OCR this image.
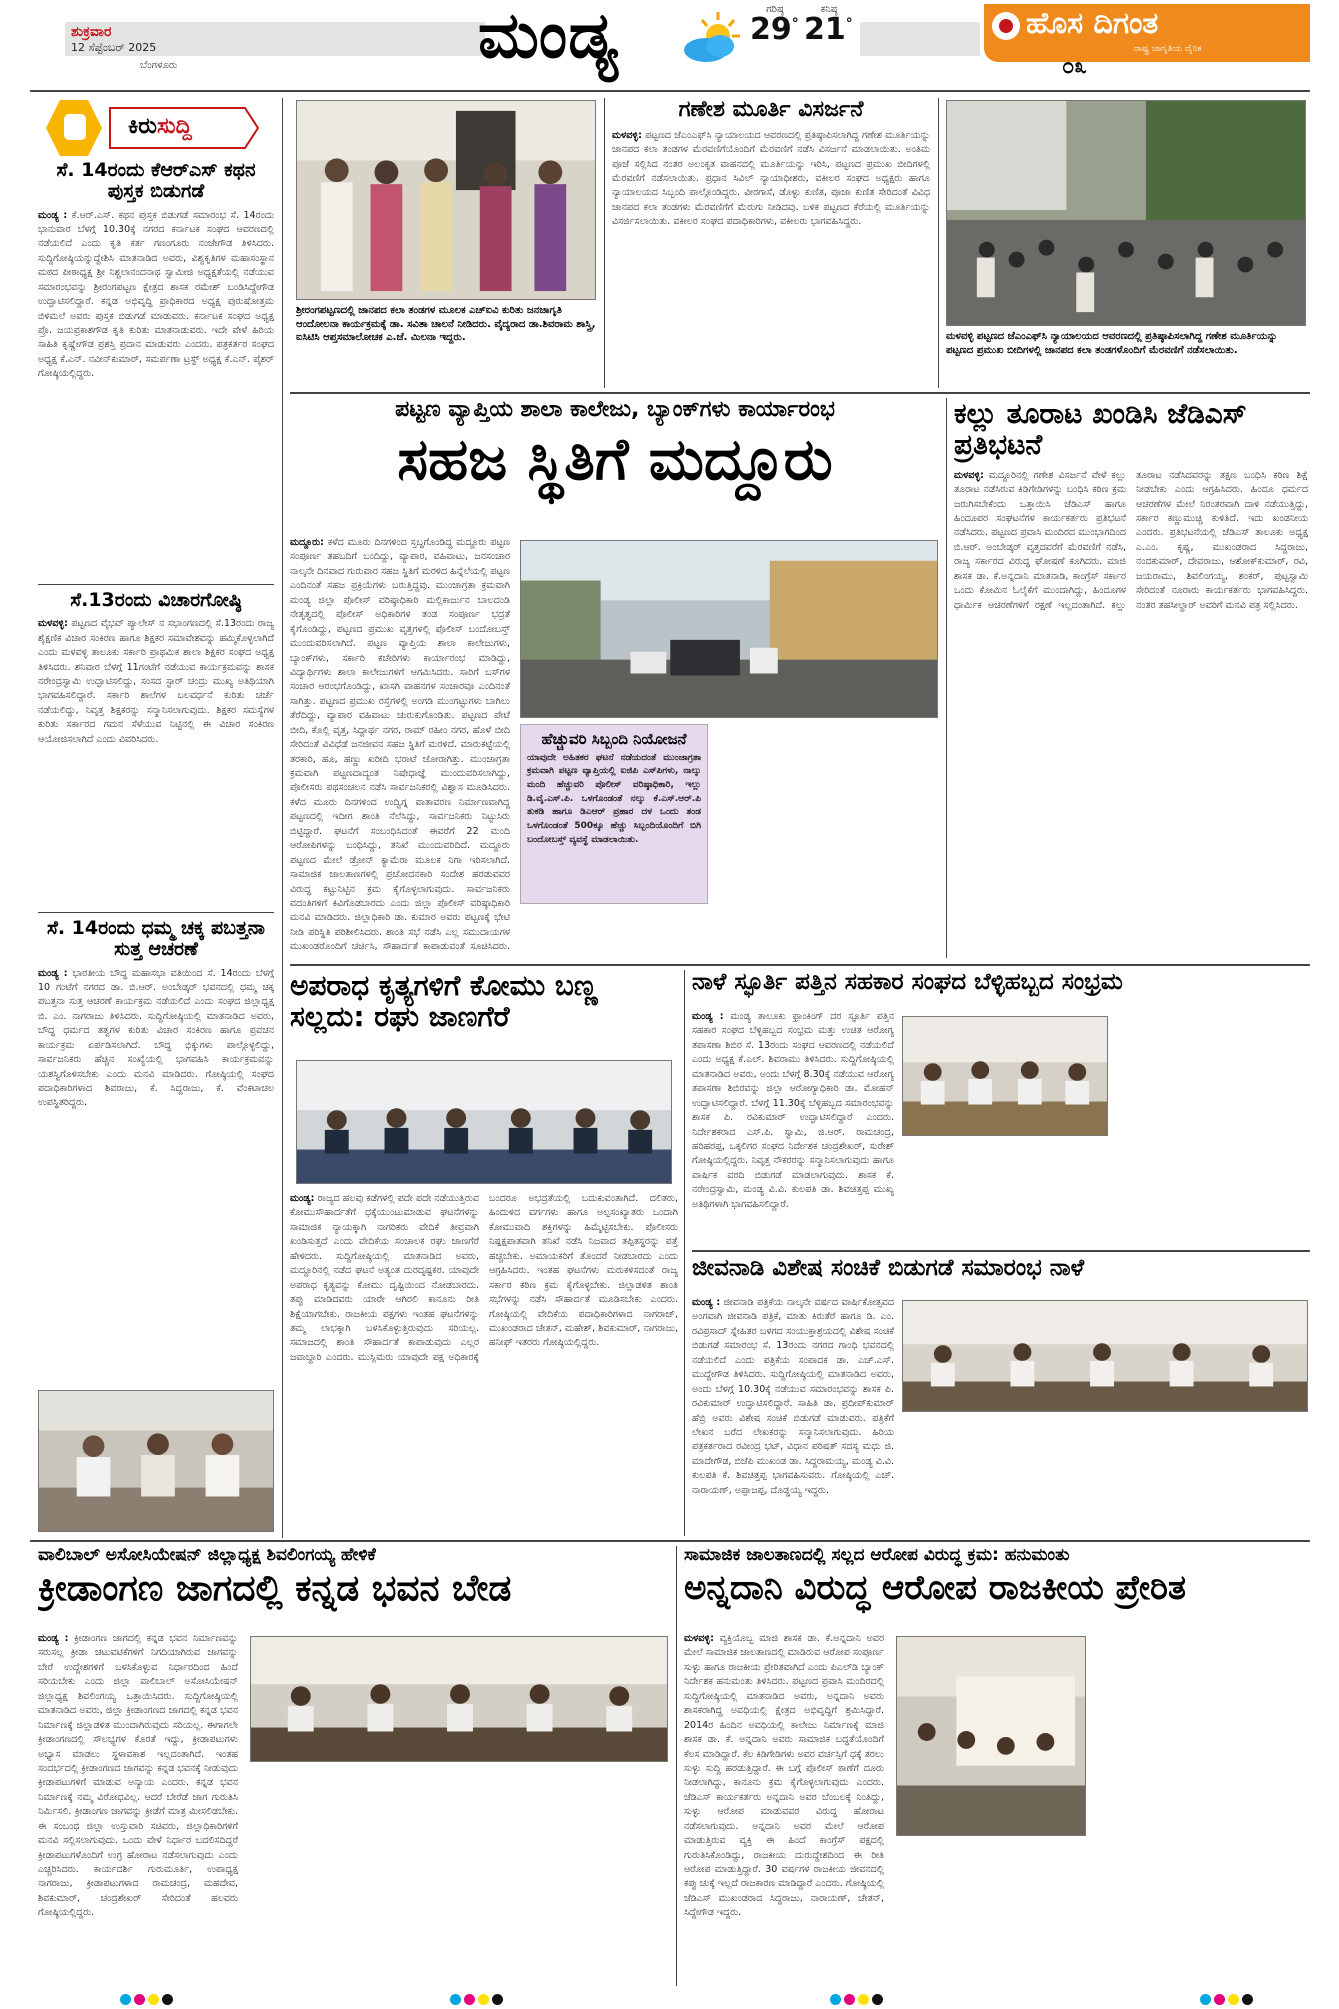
ಶುಕ್ರವಾರ
12 ಸೆಪ್ಟೆಂಬರ್ 2025
ಬೆಂಗಳೂರು	ಮಂಡ್ಯ	ಗರಿಷ್ಠ
29°
ಕನಿಷ್ಠ
21°	ಹೊಸ ದಿಗಂತ
ರಾಷ್ಟ್ರ ಜಾಗೃತಿಯ ದೈನಿಕ
೦೩
ಕಿರುಸುದ್ದಿ
ಸೆ. 14ರಂದು ಕೆಆರ್‌ಎಸ್ ಕಥನ ಪುಸ್ತಕ ಬಿಡುಗಡೆ
ಮಂಡ್ಯ : ಕೆ.ಆರ್.ಎಸ್. ಕಥನ ಪುಸ್ತಕ ಬಿಡುಗಡೆ ಸಮಾರಂಭ ಸೆ. 14ರಂದು ಭಾನುವಾರ ಬೆಳಗ್ಗೆ 10.30ಕ್ಕೆ ನಗರದ ಕರ್ನಾಟಕ ಸಂಘದ ಆವರಣದಲ್ಲಿ ನಡೆಯಲಿದೆ ಎಂದು ಕೃತಿ ಕರ್ತ ಗಣಂಗೂರು ನಂಜೇಗೌಡ ತಿಳಿಸಿದರು. ಸುದ್ದಿಗೋಷ್ಠಿಯನ್ನುದ್ದೇಶಿಸಿ ಮಾತನಾಡಿದ ಅವರು, ವಿಶ್ವಕೃತಿಗಳ ಮಹಾಸಂಸ್ಥಾನ ಮಠದ ಪೀಠಾಧ್ಯಕ್ಷ ಶ್ರೀ ನಿಶ್ಚಲಾನಂದನಾಥ ಸ್ವಾಮೀಜಿ ಅಧ್ಯಕ್ಷತೆಯಲ್ಲಿ ನಡೆಯುವ ಸಮಾರಂಭವನ್ನು ಶ್ರೀರಂಗಪಟ್ಟಣ ಕ್ಷೇತ್ರದ ಶಾಸಕ ರಮೇಶ್ ಬಂಡಿಸಿದ್ದೇಗೌಡ ಉದ್ಘಾಟಿಸಲಿದ್ದಾರೆ. ಕನ್ನಡ ಅಭಿವೃದ್ಧಿ ಪ್ರಾಧಿಕಾರದ ಅಧ್ಯಕ್ಷ ಪುರುಷೋತ್ತಮ ಬಿಳಿಮಲೆ ಅವರು ಪುಸ್ತಕ ಬಿಡುಗಡೆ ಮಾಡುವರು. ಕರ್ನಾಟಕ ಸಂಘದ ಅಧ್ಯಕ್ಷ ಪ್ರೊ. ಜಯಪ್ರಕಾಶಗೌಡ ಕೃತಿ ಕುರಿತು ಮಾತನಾಡುವರು. ಇದೇ ವೇಳೆ ಹಿರಿಯ ಸಾಹಿತಿ ಕೃಷ್ಣೇಗೌಡ ಪ್ರಶಸ್ತಿ ಪ್ರದಾನ ಮಾಡುವರು ಎಂದರು. ಪತ್ರಕರ್ತರ ಸಂಘದ ಅಧ್ಯಕ್ಷ ಕೆ.ಎನ್. ನವೀನ್‌ಕುಮಾರ್, ಸಮರ್ಪಣಾ ಟ್ರಸ್ಟ್ ಅಧ್ಯಕ್ಷ ಕೆ.ಎನ್. ಪೈಶರ್ ಗೋಷ್ಠಿಯಲ್ಲಿದ್ದರು.
ಸೆ.13ರಂದು ವಿಚಾರಗೋಷ್ಠಿ
ಮಳವಳ್ಳಿ: ಪಟ್ಟಣದ ವೈಭವ್ ಪ್ಯಾಲೇಸ್ ನ ಸಭಾಂಗಣದಲ್ಲಿ ಸೆ.13ರಂದು ರಾಜ್ಯ ಶೈಕ್ಷಣಿಕ ವಿಚಾರ ಸಂಕಿರಣ ಹಾಗೂ ಶಿಕ್ಷಕರ ಸಮಾವೇಶವನ್ನು ಹಮ್ಮಿಕೊಳ್ಳಲಾಗಿದೆ ಎಂದು ಮಳವಳ್ಳಿ ತಾಲೂಕು ಸರ್ಕಾರಿ ಪ್ರಾಥಮಿಕ ಶಾಲಾ ಶಿಕ್ಷಕರ ಸಂಘದ ಅಧ್ಯಕ್ಷ ತಿಳಿಸಿದರು. ಶನಿವಾರ ಬೆಳಗ್ಗೆ 11ಗಂಟೆಗೆ ನಡೆಯುವ ಕಾರ್ಯಕ್ರಮವನ್ನು ಶಾಸಕ ನರೇಂದ್ರಸ್ವಾಮಿ ಉದ್ಘಾಟಿಸಲಿದ್ದು, ಸಂಸದ ಸ್ಟಾರ್ ಚಂದ್ರು ಮುಖ್ಯ ಅತಿಥಿಯಾಗಿ ಭಾಗವಹಿಸಲಿದ್ದಾರೆ. ಸರ್ಕಾರಿ ಶಾಲೆಗಳ ಬಲವರ್ಧನೆ ಕುರಿತು ಚರ್ಚೆ ನಡೆಯಲಿದ್ದು, ನಿವೃತ್ತ ಶಿಕ್ಷಕರನ್ನು ಸನ್ಮಾನಿಸಲಾಗುವುದು. ಶಿಕ್ಷಕರ ಸಮಸ್ಯೆಗಳ ಕುರಿತು ಸರ್ಕಾರದ ಗಮನ ಸೆಳೆಯುವ ನಿಟ್ಟಿನಲ್ಲಿ ಈ ವಿಚಾರ ಸಂಕಿರಣ ಆಯೋಜಿಸಲಾಗಿದೆ ಎಂದು ವಿವರಿಸಿದರು.
ಸೆ. 14ರಂದು ಧಮ್ಮ ಚಕ್ಕ ಪಬತ್ತನಾ ಸುತ್ತ ಆಚರಣೆ
ಮಂಡ್ಯ : ಭಾರತೀಯ ಬೌದ್ಧ ಮಹಾಸಭಾ ವತಿಯಿಂದ ಸೆ. 14ರಂದು ಬೆಳಗ್ಗೆ 10 ಗಂಟೆಗೆ ನಗರದ ಡಾ. ಬಿ.ಆರ್. ಅಂಬೇಡ್ಕರ್ ಭವನದಲ್ಲಿ ಧಮ್ಮ ಚಕ್ಕ ಪಬತ್ತನಾ ಸುತ್ತ ಆಚರಣೆ ಕಾರ್ಯಕ್ರಮ ನಡೆಯಲಿದೆ ಎಂದು ಸಂಘದ ಜಿಲ್ಲಾಧ್ಯಕ್ಷ ಬಿ. ಎಂ. ನಾಗರಾಜು ತಿಳಿಸಿದರು. ಸುದ್ದಿಗೋಷ್ಠಿಯಲ್ಲಿ ಮಾತನಾಡಿದ ಅವರು, ಬೌದ್ಧ ಧರ್ಮದ ತತ್ವಗಳ ಕುರಿತು ವಿಚಾರ ಸಂಕಿರಣ ಹಾಗೂ ಪ್ರವಚನ ಕಾರ್ಯಕ್ರಮ ಏರ್ಪಡಿಸಲಾಗಿದೆ. ಬೌದ್ಧ ಭಿಕ್ಕುಗಳು ಪಾಲ್ಗೊಳ್ಳಲಿದ್ದು, ಸಾರ್ವಜನಿಕರು ಹೆಚ್ಚಿನ ಸಂಖ್ಯೆಯಲ್ಲಿ ಭಾಗವಹಿಸಿ ಕಾರ್ಯಕ್ರಮವನ್ನು ಯಶಸ್ವಿಗೊಳಿಸಬೇಕು ಎಂದು ಮನವಿ ಮಾಡಿದರು. ಗೋಷ್ಠಿಯಲ್ಲಿ ಸಂಘದ ಪದಾಧಿಕಾರಿಗಳಾದ ಶಿವರಾಜು, ಕೆ. ಸಿದ್ದರಾಜು, ಕೆ. ವೆಂಕಟಾಚಲ ಉಪಸ್ಥಿತರಿದ್ದರು.
ಶ್ರೀರಂಗಪಟ್ಟಣದಲ್ಲಿ ಜಾನಪದ ಕಲಾ ತಂಡಗಳ ಮೂಲಕ ಎಚ್‌ಐವಿ ಕುರಿತು ಜನಜಾಗೃತಿ ಆಂದೋಲನಾ ಕಾರ್ಯಕ್ರಮಕ್ಕೆ ಡಾ. ಸವಿತಾ ಚಾಲನೆ ನೀಡಿದರು. ವೈದ್ಯರಾದ ಡಾ.ಶಿವರಾಮ ಶಾಸ್ತ್ರಿ, ಐಸಿಟಿಸಿ ಆಪ್ತಸಮಾಲೋಚಕ ಎ.ಜೆ. ಮಿಲನಾ ಇದ್ದರು.
ಗಣೇಶ ಮೂರ್ತಿ ವಿಸರ್ಜನೆ
ಮಳವಳ್ಳಿ: ಪಟ್ಟಣದ ಜೆಎಂಎಫ್‌ಸಿ ನ್ಯಾಯಾಲಯದ ಆವರಣದಲ್ಲಿ ಪ್ರತಿಷ್ಠಾಪಿಸಲಾಗಿದ್ದ ಗಣೇಶ ಮೂರ್ತಿಯನ್ನು ಜಾನಪದ ಕಲಾ ತಂಡಗಳ ಮೆರವಣಿಗೆಯೊಂದಿಗೆ ಮೆರವಣಿಗೆ ನಡೆಸಿ ವಿಸರ್ಜನೆ ಮಾಡಲಾಯಿತು. ಅಂತಿಮ ಪೂಜೆ ಸಲ್ಲಿಸಿದ ನಂತರ ಅಲಂಕೃತ ವಾಹನದಲ್ಲಿ ಮೂರ್ತಿಯನ್ನು ಇರಿಸಿ, ಪಟ್ಟಣದ ಪ್ರಮುಖ ಬೀದಿಗಳಲ್ಲಿ ಮೆರವಣಿಗೆ ನಡೆಸಲಾಯಿತು. ಪ್ರಧಾನ ಸಿವಿಲ್ ನ್ಯಾಯಾಧೀಶರು, ವಕೀಲರ ಸಂಘದ ಅಧ್ಯಕ್ಷರು ಹಾಗೂ ನ್ಯಾಯಾಲಯದ ಸಿಬ್ಬಂದಿ ಪಾಲ್ಗೊಂಡಿದ್ದರು. ವೀರಗಾಸೆ, ಡೊಳ್ಳು ಕುಣಿತ, ಪೂಜಾ ಕುಣಿತ ಸೇರಿದಂತೆ ವಿವಿಧ ಜಾನಪದ ಕಲಾ ತಂಡಗಳು ಮೆರವಣಿಗೆಗೆ ಮೆರುಗು ನೀಡಿದವು. ಬಳಿಕ ಪಟ್ಟಣದ ಕೆರೆಯಲ್ಲಿ ಮೂರ್ತಿಯನ್ನು ವಿಸರ್ಜಿಸಲಾಯಿತು. ವಕೀಲರ ಸಂಘದ ಪದಾಧಿಕಾರಿಗಳು, ವಕೀಲರು ಭಾಗವಹಿಸಿದ್ದರು.
ಮಳವಳ್ಳಿ ಪಟ್ಟಣದ ಜೆಎಂಎಫ್‌ಸಿ ನ್ಯಾಯಾಲಯದ ಆವರಣದಲ್ಲಿ ಪ್ರತಿಷ್ಠಾಪಿಸಲಾಗಿದ್ದ ಗಣೇಶ ಮೂರ್ತಿಯನ್ನು ಪಟ್ಟಣದ ಪ್ರಮುಖ ಬೀದಿಗಳಲ್ಲಿ ಜಾನಪದ ಕಲಾ ತಂಡಗಳೊಂದಿಗೆ ಮೆರವಣಿಗೆ ನಡೆಸಲಾಯಿತು.
ಪಟ್ಟಣ ವ್ಯಾಪ್ತಿಯ ಶಾಲಾ ಕಾಲೇಜು, ಬ್ಯಾಂಕ್‌ಗಳು ಕಾರ್ಯಾರಂಭ
ಸಹಜ ಸ್ಥಿತಿಗೆ ಮದ್ದೂರು
ಮದ್ದೂರು: ಕಳೆದ ಮೂರು ದಿನಗಳಿಂದ ಸ್ತಬ್ಧಗೊಂಡಿದ್ದ ಮದ್ದೂರು ಪಟ್ಟಣ ಸಂಪೂರ್ಣ ತಹಬದಿಗೆ ಬಂದಿದ್ದು, ವ್ಯಾಪಾರ, ವಹಿವಾಟು, ಜನಸಂಚಾರ ನಾಲ್ಕನೇ ದಿನವಾದ ಗುರುವಾರ ಸಹಜ ಸ್ಥಿತಿಗೆ ಮರಳಿದ ಹಿನ್ನೆಲೆಯಲ್ಲಿ ಪಟ್ಟಣ ಎಂದಿನಂತೆ ಸಹಜ ಪ್ರಕ್ರಿಯೆಗಳು ಬರುತ್ತಿದ್ದವು. ಮುಂಜಾಗ್ರತಾ ಕ್ರಮವಾಗಿ ಮಂಡ್ಯ ಜಿಲ್ಲಾ ಪೊಲೀಸ್ ವರಿಷ್ಠಾಧಿಕಾರಿ ಮಲ್ಲಿಕಾರ್ಜುನ ಬಾಲದಂಡಿ ನೇತೃತ್ವದಲ್ಲಿ ಪೊಲೀಸ್ ಅಧಿಕಾರಿಗಳ ತಂಡ ಸಂಪೂರ್ಣ ಭದ್ರತೆ ಕೈಗೊಂಡಿದ್ದು, ಪಟ್ಟಣದ ಪ್ರಮುಖ ವೃತ್ತಗಳಲ್ಲಿ ಪೊಲೀಸ್ ಬಂದೋಬಸ್ತ್ ಮುಂದುವರಿಸಲಾಗಿದೆ. ಪಟ್ಟಣ ವ್ಯಾಪ್ತಿಯ ಶಾಲಾ ಕಾಲೇಜುಗಳು, ಬ್ಯಾಂಕ್‌ಗಳು, ಸರ್ಕಾರಿ ಕಚೇರಿಗಳು ಕಾರ್ಯಾರಂಭ ಮಾಡಿದ್ದು, ವಿದ್ಯಾರ್ಥಿಗಳು ಶಾಲಾ ಕಾಲೇಜುಗಳಿಗೆ ಆಗಮಿಸಿದರು. ಸಾರಿಗೆ ಬಸ್‌ಗಳ ಸಂಚಾರ ಆರಂಭಗೊಂಡಿದ್ದು, ಖಾಸಗಿ ವಾಹನಗಳ ಸಂಚಾರವೂ ಎಂದಿನಂತೆ ಸಾಗಿತ್ತು. ಪಟ್ಟಣದ ಪ್ರಮುಖ ರಸ್ತೆಗಳಲ್ಲಿ ಅಂಗಡಿ ಮುಂಗಟ್ಟುಗಳು ಬಾಗಿಲು ತೆರೆದಿದ್ದು, ವ್ಯಾಪಾರ ವಹಿವಾಟು ಚುರುಕುಗೊಂಡಿತು. ಪಟ್ಟಣದ ಪೇಟೆ ಬೀದಿ, ಕೊಲ್ಲಿ ವೃತ್ತ, ಸಿದ್ದಾರ್ಥ ನಗರ, ರಾಮ್ ರಹೀಂ ನಗರ, ಹೊಳೆ ಬೀದಿ ಸೇರಿದಂತೆ ವಿವಿಧೆಡೆ ಜನಜೀವನ ಸಹಜ ಸ್ಥಿತಿಗೆ ಮರಳಿದೆ. ಮಾರುಕಟ್ಟೆಯಲ್ಲಿ ತರಕಾರಿ, ಹೂ, ಹಣ್ಣು ಖರೀದಿ ಭರಾಟೆ ಜೋರಾಗಿತ್ತು. ಮುಂಜಾಗ್ರತಾ ಕ್ರಮವಾಗಿ ಪಟ್ಟಣದಾದ್ಯಂತ ನಿಷೇಧಾಜ್ಞೆ ಮುಂದುವರಿಸಲಾಗಿದ್ದು, ಪೊಲೀಸರು ಪಥಸಂಚಲನ ನಡೆಸಿ ಸಾರ್ವಜನಿಕರಲ್ಲಿ ವಿಶ್ವಾಸ ಮೂಡಿಸಿದರು. ಕಳೆದ ಮೂರು ದಿನಗಳಿಂದ ಉದ್ವಿಗ್ನ ವಾತಾವರಣ ನಿರ್ಮಾಣವಾಗಿದ್ದ ಪಟ್ಟಣದಲ್ಲಿ ಇದೀಗ ಶಾಂತಿ ನೆಲೆಸಿದ್ದು, ಸಾರ್ವಜನಿಕರು ನಿಟ್ಟುಸಿರು ಬಿಟ್ಟಿದ್ದಾರೆ. ಘಟನೆಗೆ ಸಂಬಂಧಿಸಿದಂತೆ ಈವರೆಗೆ 22 ಮಂದಿ ಆರೋಪಿಗಳನ್ನು ಬಂಧಿಸಿದ್ದು, ತನಿಖೆ ಮುಂದುವರಿದಿದೆ. ಮದ್ದೂರು ಪಟ್ಟಣದ ಮೇಲೆ ಡ್ರೋನ್ ಕ್ಯಾಮೆರಾ ಮೂಲಕ ನಿಗಾ ಇರಿಸಲಾಗಿದೆ. ಸಾಮಾಜಿಕ ಜಾಲತಾಣಗಳಲ್ಲಿ ಪ್ರಚೋದನಕಾರಿ ಸಂದೇಶ ಹರಡುವವರ ವಿರುದ್ಧ ಕಟ್ಟುನಿಟ್ಟಿನ ಕ್ರಮ ಕೈಗೊಳ್ಳಲಾಗುವುದು. ಸಾರ್ವಜನಿಕರು ವದಂತಿಗಳಿಗೆ ಕಿವಿಗೊಡಬಾರದು ಎಂದು ಜಿಲ್ಲಾ ಪೊಲೀಸ್ ವರಿಷ್ಠಾಧಿಕಾರಿ ಮನವಿ ಮಾಡಿದರು. ಜಿಲ್ಲಾಧಿಕಾರಿ ಡಾ. ಕುಮಾರ ಅವರು ಪಟ್ಟಣಕ್ಕೆ ಭೇಟಿ ನೀಡಿ ಪರಿಸ್ಥಿತಿ ಪರಿಶೀಲಿಸಿದರು. ಶಾಂತಿ ಸಭೆ ನಡೆಸಿ ಎಲ್ಲ ಸಮುದಾಯಗಳ ಮುಖಂಡರೊಂದಿಗೆ ಚರ್ಚಿಸಿ, ಸೌಹಾರ್ದತೆ ಕಾಪಾಡುವಂತೆ ಸೂಚಿಸಿದರು.
ಹೆಚ್ಚುವರಿ ಸಿಬ್ಬಂದಿ ನಿಯೋಜನೆ
ಯಾವುದೇ ಅಹಿತಕರ ಘಟನೆ ನಡೆಯದಂತೆ ಮುಂಜಾಗ್ರತಾ ಕ್ರಮವಾಗಿ ಪಟ್ಟಣ ವ್ಯಾಪ್ತಿಯಲ್ಲಿ ಐಜಿಪಿ ಎಸ್‌ಪಿಗಳು, ನಾಲ್ಕು ಮಂದಿ ಹೆಚ್ಚುವರಿ ಪೊಲೀಸ್ ವರಿಷ್ಠಾಧಿಕಾರಿ, ಇಲ್ಲು ಡಿ.ವೈ.ಎಸ್.ಪಿ. ಒಳಗೊಂಡಂತೆ ನಲ್ಕು ಕೆ.ಎಸ್.ಆರ್.ಪಿ ತುಕಡಿ ಹಾಗೂ ಡಿಎಆರ್ ಪ್ರಹಾರ ದಳ ಒಂದು ತಂಡ ಒಳಗೊಂಡಂತೆ 500ಕ್ಕೂ ಹೆಚ್ಚು ಸಿಬ್ಬಂದಿಯೊಂದಿಗೆ ಬಿಗಿ ಬಂದೋಬಸ್ತ್ ವ್ಯವಸ್ಥೆ ಮಾಡಲಾಯಿತು.
ಕಲ್ಲು ತೂರಾಟ ಖಂಡಿಸಿ ಜೆಡಿಎಸ್ ಪ್ರತಿಭಟನೆ
ಮಳವಳ್ಳಿ: ಮದ್ದೂರಿನಲ್ಲಿ ಗಣೇಶ ವಿಸರ್ಜನೆ ವೇಳೆ ಕಲ್ಲು ತೂರಾಟ ನಡೆಸಿರುವ ಕಿಡಿಗೇಡಿಗಳನ್ನು ಬಂಧಿಸಿ ಕಠಿಣ ಕ್ರಮ ಜರುಗಿಸಬೇಕೆಂದು ಒತ್ತಾಯಿಸಿ ಜೆಡಿಎಸ್ ಹಾಗೂ ಹಿಂದೂಪರ ಸಂಘಟನೆಗಳ ಕಾರ್ಯಕರ್ತರು ಪ್ರತಿಭಟನೆ ನಡೆಸಿದರು. ಪಟ್ಟಣದ ಪ್ರವಾಸಿ ಮಂದಿರದ ಮುಂಭಾಗದಿಂದ ಬಿ.ಆರ್. ಅಂಬೇಡ್ಕರ್ ವೃತ್ತದವರೆಗೆ ಮೆರವಣಿಗೆ ನಡೆಸಿ, ರಾಜ್ಯ ಸರ್ಕಾರದ ವಿರುದ್ಧ ಘೋಷಣೆ ಕೂಗಿದರು. ಮಾಜಿ ಶಾಸಕ ಡಾ. ಕೆ.ಅನ್ನದಾನಿ ಮಾತನಾಡಿ, ಕಾಂಗ್ರೆಸ್ ಸರ್ಕಾರ ಒಂದು ಕೋಮಿನ ಓಲೈಕೆಗೆ ಮುಂದಾಗಿದ್ದು, ಹಿಂದೂಗಳ ಧಾರ್ಮಿಕ ಆಚರಣೆಗಳಿಗೆ ರಕ್ಷಣೆ ಇಲ್ಲದಂತಾಗಿದೆ. ಕಲ್ಲು ತೂರಾಟ ನಡೆಸಿದವರನ್ನು ತಕ್ಷಣ ಬಂಧಿಸಿ ಕಠಿಣ ಶಿಕ್ಷೆ ನೀಡಬೇಕು ಎಂದು ಆಗ್ರಹಿಸಿದರು. ಹಿಂದೂ ಧರ್ಮದ ಆಚರಣೆಗಳ ಮೇಲೆ ನಿರಂತರವಾಗಿ ದಾಳಿ ನಡೆಯುತ್ತಿದ್ದು, ಸರ್ಕಾರ ಕಣ್ಣುಮುಚ್ಚಿ ಕುಳಿತಿದೆ. ಇದು ಖಂಡನೀಯ ಎಂದರು. ಪ್ರತಿಭಟನೆಯಲ್ಲಿ ಜೆಡಿಎಸ್ ತಾಲೂಕು ಅಧ್ಯಕ್ಷ ಎ.ಎಂ. ಕೃಷ್ಣ, ಮುಖಂಡರಾದ ಸಿದ್ದರಾಜು, ನಂದಕುಮಾರ್, ದೇವರಾಜು, ಆಶೋಕ್‌ಕುಮಾರ್, ರವಿ, ಜಯರಾಮು, ಶಿವಲಿಂಗಯ್ಯ, ಶಂಕರ್, ಪುಟ್ಟಸ್ವಾಮಿ ಸೇರಿದಂತೆ ನೂರಾರು ಕಾರ್ಯಕರ್ತರು ಭಾಗವಹಿಸಿದ್ದರು. ನಂತರ ತಹಸೀಲ್ದಾರ್ ಅವರಿಗೆ ಮನವಿ ಪತ್ರ ಸಲ್ಲಿಸಿದರು.
ಅಪರಾಧ ಕೃತ್ಯಗಳಿಗೆ ಕೋಮು ಬಣ್ಣ ಸಲ್ಲದು: ರಘು ಜಾಣಗೆರೆ
ಮಂಡ್ಯ: ರಾಜ್ಯದ ಹಲವು ಕಡೆಗಳಲ್ಲಿ ಪದೇ ಪದೇ ನಡೆಯುತ್ತಿರುವ ಕೋಮುಸೌಹಾರ್ದತೆಗೆ ಧಕ್ಕೆಯುಂಟುಮಾಡುವ ಘಟನೆಗಳನ್ನು ಸಾಮಾಜಿಕ ನ್ಯಾಯಕ್ಕಾಗಿ ನಾಗರಿಕರು ವೇದಿಕೆ ತೀವ್ರವಾಗಿ ಖಂಡಿಸುತ್ತದೆ ಎಂದು ವೇದಿಕೆಯ ಸಂಚಾಲಕ ರಘು ಜಾಣಗೆರೆ ಹೇಳಿದರು. ಸುದ್ದಿಗೋಷ್ಠಿಯಲ್ಲಿ ಮಾತನಾಡಿದ ಅವರು, ಮದ್ದೂರಿನಲ್ಲಿ ನಡೆದ ಘಟನೆ ಅತ್ಯಂತ ದುರದೃಷ್ಟಕರ. ಯಾವುದೇ ಅಪರಾಧ ಕೃತ್ಯವನ್ನು ಕೋಮು ದೃಷ್ಟಿಯಿಂದ ನೋಡಬಾರದು. ತಪ್ಪು ಮಾಡಿದವರು ಯಾರೇ ಆಗಿರಲಿ ಕಾನೂನು ರೀತಿ ಶಿಕ್ಷೆಯಾಗಬೇಕು. ರಾಜಕೀಯ ಪಕ್ಷಗಳು ಇಂತಹ ಘಟನೆಗಳನ್ನು ತಮ್ಮ ಲಾಭಕ್ಕಾಗಿ ಬಳಸಿಕೊಳ್ಳುತ್ತಿರುವುದು ಸರಿಯಲ್ಲ. ಸಮಾಜದಲ್ಲಿ ಶಾಂತಿ ಸೌಹಾರ್ದತೆ ಕಾಪಾಡುವುದು ಎಲ್ಲರ ಜವಾಬ್ದಾರಿ ಎಂದರು. ಮುಸ್ಲಿಮರು ಯಾವುದೇ ಪಕ್ಷ ಅಧಿಕಾರಕ್ಕೆ ಬಂದರೂ ಅಭದ್ರತೆಯಲ್ಲಿ ಬದುಕುವಂತಾಗಿದೆ. ದಲಿತರು, ಹಿಂದುಳಿದ ವರ್ಗಗಳು ಹಾಗೂ ಅಲ್ಪಸಂಖ್ಯಾತರು ಒಂದಾಗಿ ಕೋಮುವಾದಿ ಶಕ್ತಿಗಳನ್ನು ಹಿಮ್ಮೆಟ್ಟಿಸಬೇಕು. ಪೊಲೀಸರು ನಿಷ್ಪಕ್ಷಪಾತವಾಗಿ ತನಿಖೆ ನಡೆಸಿ ನಿಜವಾದ ತಪ್ಪಿತಸ್ಥರನ್ನು ಪತ್ತೆ ಹಚ್ಚಬೇಕು. ಅಮಾಯಕರಿಗೆ ತೊಂದರೆ ನೀಡಬಾರದು ಎಂದು ಆಗ್ರಹಿಸಿದರು. ಇಂತಹ ಘಟನೆಗಳು ಮರುಕಳಿಸದಂತೆ ರಾಜ್ಯ ಸರ್ಕಾರ ಕಠಿಣ ಕ್ರಮ ಕೈಗೊಳ್ಳಬೇಕು. ಜಿಲ್ಲಾಡಳಿತ ಶಾಂತಿ ಸಭೆಗಳನ್ನು ನಡೆಸಿ ಸೌಹಾರ್ದತೆ ಮೂಡಿಸಬೇಕು ಎಂದರು. ಗೋಷ್ಠಿಯಲ್ಲಿ ವೇದಿಕೆಯ ಪದಾಧಿಕಾರಿಗಳಾದ ನಾಗರಾಜ್, ಮುಖಂಡರಾದ ಚೇತನ್, ಮಹೇಶ್, ಶಿವಕುಮಾರ್, ನಾಗರಾಜು, ಹನೀಫ್ ಇತರರು ಗೋಷ್ಠಿಯಲ್ಲಿದ್ದರು.
ನಾಳೆ ಸ್ಫೂರ್ತಿ ಪತ್ತಿನ ಸಹಕಾರ ಸಂಘದ ಬೆಳ್ಳಿಹಬ್ಬದ ಸಂಭ್ರಮ
ಮಂಡ್ಯ : ಮಂಡ್ಯ ತಾಲೂಕು ಫ್ರಾಂಕಿಂಗ್ ದರ ಸ್ಫೂರ್ತಿ ಪತ್ತಿನ ಸಹಕಾರ ಸಂಘದ ಬೆಳ್ಳಿಹಬ್ಬದ ಸಂಭ್ರಮ ಮತ್ತು ಉಚಿತ ಆರೋಗ್ಯ ತಪಾಸಣಾ ಶಿಬಿರ ಸೆ. 13ರಂದು ಸಂಘದ ಆವರಣದಲ್ಲಿ ನಡೆಯಲಿದೆ ಎಂದು ಅಧ್ಯಕ್ಷ ಕೆ.ಎಲ್. ಶಿವರಾಮು ತಿಳಿಸಿದರು. ಸುದ್ದಿಗೋಷ್ಠಿಯಲ್ಲಿ ಮಾತನಾಡಿದ ಅವರು, ಅಂದು ಬೆಳಗ್ಗೆ 8.30ಕ್ಕೆ ನಡೆಯುವ ಆರೋಗ್ಯ ತಪಾಸಣಾ ಶಿಬಿರವನ್ನು ಜಿಲ್ಲಾ ಆರೋಗ್ಯಾಧಿಕಾರಿ ಡಾ. ಮೋಹನ್ ಉದ್ಘಾಟಿಸಲಿದ್ದಾರೆ. ಬೆಳಗ್ಗೆ 11.30ಕ್ಕೆ ಬೆಳ್ಳಿಹಬ್ಬದ ಸಮಾರಂಭವನ್ನು ಶಾಸಕ ಪಿ. ರವಿಕುಮಾರ್ ಉದ್ಘಾಟಿಸಲಿದ್ದಾರೆ ಎಂದರು. ನಿರ್ದೇಶಕರಾದ ಎಸ್.ಪಿ. ಸ್ವಾಮಿ, ಜಿ.ಆರ್. ರಾಮಚಂದ್ರ, ಹರಿಹರಪ್ಪ, ಒಕ್ಕಲಿಗರ ಸಂಘದ ನಿರ್ದೇಶಕ ಚಂದ್ರಶೇಖರ್, ಸುರೇಶ್ ಗೋಷ್ಠಿಯಲ್ಲಿದ್ದರು. ನಿವೃತ್ತ ನೌಕರರನ್ನು ಸನ್ಮಾನಿಸಲಾಗುವುದು ಹಾಗೂ ವಾರ್ಷಿಕ ವರದಿ ಬಿಡುಗಡೆ ಮಾಡಲಾಗುವುದು. ಶಾಸಕ ಕೆ. ನರೇಂದ್ರಸ್ವಾಮಿ, ಮಂಡ್ಯ ವಿ.ವಿ. ಕುಲಪತಿ ಡಾ. ಶಿವಚಿತ್ತಪ್ಪ ಮುಖ್ಯ ಅತಿಥಿಗಳಾಗಿ ಭಾಗವಹಿಸಲಿದ್ದಾರೆ.
ಜೀವನಾಡಿ ವಿಶೇಷ ಸಂಚಿಕೆ ಬಿಡುಗಡೆ ಸಮಾರಂಭ ನಾಳೆ
ಮಂಡ್ಯ : ಜೀವನಾಡಿ ಪತ್ರಿಕೆಯ ನಾಲ್ಕನೇ ವರ್ಷದ ವಾರ್ಷಿಕೋತ್ಸವದ ಅಂಗವಾಗಿ ಜೀವನಾಡಿ ಪತ್ರಿಕೆ, ಮಾತು ಕಿರುತೆರೆ ಹಾಗೂ ಡಿ. ಎಂ. ರವಿಪ್ರಸಾದ್ ಸ್ನೇಹಿತರ ಬಳಗದ ಸಂಯುಕ್ತಾಶ್ರಯದಲ್ಲಿ ವಿಶೇಷ ಸಂಚಿಕೆ ಬಿಡುಗಡೆ ಸಮಾರಂಭ ಸೆ. 13ರಂದು ನಗರದ ಗಾಂಧಿ ಭವನದಲ್ಲಿ ನಡೆಯಲಿದೆ ಎಂದು ಪತ್ರಿಕೆಯ ಸಂಪಾದಕ ಡಾ. ಎಚ್.ಎಸ್. ಮುದ್ದೇಗೌಡ ತಿಳಿಸಿದರು. ಸುದ್ದಿಗೋಷ್ಠಿಯಲ್ಲಿ ಮಾತನಾಡಿದ ಅವರು, ಅಂದು ಬೆಳಗ್ಗೆ 10.30ಕ್ಕೆ ನಡೆಯುವ ಸಮಾರಂಭವನ್ನು ಶಾಸಕ ಪಿ. ರವಿಕುಮಾರ್ ಉದ್ಘಾಟಿಸಲಿದ್ದಾರೆ. ಸಾಹಿತಿ ಡಾ. ಪ್ರದೀಪ್‌ಕುಮಾರ್ ಹೆಬ್ರಿ ಅವರು ವಿಶೇಷ ಸಂಚಿಕೆ ಬಿಡುಗಡೆ ಮಾಡುವರು. ಪತ್ರಿಕೆಗೆ ಲೇಖನ ಬರೆದ ಲೇಖಕರನ್ನು ಸನ್ಮಾನಿಸಲಾಗುವುದು. ಹಿರಿಯ ಪತ್ರಕರ್ತರಾದ ರವೀಂದ್ರ ಭಟ್, ವಿಧಾನ ಪರಿಷತ್ ಸದಸ್ಯ ಮಧು ಜಿ. ಮಾದೇಗೌಡ, ಬಿಜೆಪಿ ಮುಖಂಡ ಡಾ. ಸಿದ್ದರಾಮಯ್ಯ, ಮಂಡ್ಯ ವಿ.ವಿ. ಕುಲಪತಿ ಕೆ. ಶಿವಚಿತ್ತಪ್ಪ ಭಾಗವಹಿಸುವರು. ಗೋಷ್ಠಿಯಲ್ಲಿ ಎಚ್. ನಾರಾಯಣ್, ಅಪ್ಪಾಜಪ್ಪ, ದೊಡ್ಡಯ್ಯ ಇದ್ದರು.
ವಾಲಿಬಾಲ್ ಅಸೋಸಿಯೇಷನ್ ಜಿಲ್ಲಾಧ್ಯಕ್ಷ ಶಿವಲಿಂಗಯ್ಯ ಹೇಳಿಕೆ
ಕ್ರೀಡಾಂಗಣ ಜಾಗದಲ್ಲಿ ಕನ್ನಡ ಭವನ ಬೇಡ
ಮಂಡ್ಯ : ಕ್ರೀಡಾಂಗಣ ಜಾಗದಲ್ಲಿ ಕನ್ನಡ ಭವನ ನಿರ್ಮಾಣವನ್ನು ಸರುಸಲ್ಲ ಕ್ರೀಡಾ ಚಟುವಟಿಕೆಗಳಿಗೆ ನಿಗದಿಯಾಗಿರುವ ಜಾಗವನ್ನು ಬೇರೆ ಉದ್ದೇಶಗಳಿಗೆ ಬಳಸಿಕೊಳ್ಳುವ ನಿರ್ಧಾರದಿಂದ ಹಿಂದೆ ಸರಿಯಬೇಕು ಎಂದು ಜಿಲ್ಲಾ ವಾಲಿಬಾಲ್ ಅಸೋಸಿಯೇಷನ್ ಜಿಲ್ಲಾಧ್ಯಕ್ಷ ಶಿವಲಿಂಗಯ್ಯ ಒತ್ತಾಯಿಸಿದರು. ಸುದ್ದಿಗೋಷ್ಠಿಯಲ್ಲಿ ಮಾತನಾಡಿದ ಅವರು, ಜಿಲ್ಲಾ ಕ್ರೀಡಾಂಗಣದ ಜಾಗದಲ್ಲಿ ಕನ್ನಡ ಭವನ ನಿರ್ಮಾಣಕ್ಕೆ ಜಿಲ್ಲಾಡಳಿತ ಮುಂದಾಗಿರುವುದು ಸರಿಯಲ್ಲ. ಈಗಾಗಲೇ ಕ್ರೀಡಾಂಗಣದಲ್ಲಿ ಸೌಲಭ್ಯಗಳ ಕೊರತೆ ಇದ್ದು, ಕ್ರೀಡಾಪಟುಗಳು ಅಭ್ಯಾಸ ಮಾಡಲು ಸ್ಥಳಾವಕಾಶ ಇಲ್ಲದಂತಾಗಿದೆ. ಇಂತಹ ಸಂದರ್ಭದಲ್ಲಿ ಕ್ರೀಡಾಂಗಣದ ಜಾಗವನ್ನು ಕನ್ನಡ ಭವನಕ್ಕೆ ನೀಡುವುದು ಕ್ರೀಡಾಪಟುಗಳಿಗೆ ಮಾಡುವ ಅನ್ಯಾಯ ಎಂದರು. ಕನ್ನಡ ಭವನ ನಿರ್ಮಾಣಕ್ಕೆ ನಮ್ಮ ವಿರೋಧವಿಲ್ಲ. ಆದರೆ ಬೇರೆಡೆ ಜಾಗ ಗುರುತಿಸಿ ನಿರ್ಮಿಸಲಿ. ಕ್ರೀಡಾಂಗಣ ಜಾಗವನ್ನು ಕ್ರೀಡೆಗೆ ಮಾತ್ರ ಮೀಸಲಿಡಬೇಕು. ಈ ಸಂಬಂಧ ಜಿಲ್ಲಾ ಉಸ್ತುವಾರಿ ಸಚಿವರು, ಜಿಲ್ಲಾಧಿಕಾರಿಗಳಿಗೆ ಮನವಿ ಸಲ್ಲಿಸಲಾಗುವುದು. ಒಂದು ವೇಳೆ ನಿರ್ಧಾರ ಬದಲಿಸದಿದ್ದರೆ ಕ್ರೀಡಾಪಟುಗಳೊಂದಿಗೆ ಉಗ್ರ ಹೋರಾಟ ನಡೆಸಲಾಗುವುದು ಎಂದು ಎಚ್ಚರಿಸಿದರು. ಕಾರ್ಯದರ್ಶಿ ಗುರುಮೂರ್ತಿ, ಉಪಾಧ್ಯಕ್ಷ ನಾಗರಾಜು, ಕ್ರೀಡಾಪಟುಗಳಾದ ರಾಮಚಂದ್ರ, ಮಹದೇವ, ಶಿವಕುಮಾರ್, ಚಂದ್ರಶೇಖರ್ ಸೇರಿದಂತೆ ಹಲವರು ಗೋಷ್ಠಿಯಲ್ಲಿದ್ದರು.
ಸಾಮಾಜಿಕ ಜಾಲತಾಣದಲ್ಲಿ ಸಲ್ಲದ ಆರೋಪ ವಿರುದ್ಧ ಕ್ರಮ: ಹನುಮಂತು
ಅನ್ನದಾನಿ ವಿರುದ್ಧ ಆರೋಪ ರಾಜಕೀಯ ಪ್ರೇರಿತ
ಮಳವಳ್ಳಿ: ವ್ಯಕ್ತಿಯೊಬ್ಬ ಮಾಜಿ ಶಾಸಕ ಡಾ. ಕೆ.ಅನ್ನದಾನಿ ಅವರ ಮೇಲೆ ಸಾಮಾಜಿಕ ಜಾಲತಾಣದಲ್ಲಿ ಮಾಡಿರುವ ಆರೋಪ ಸಂಪೂರ್ಣ ಸುಳ್ಳು ಹಾಗೂ ರಾಜಕೀಯ ಪ್ರೇರಿತವಾಗಿದೆ ಎಂದು ಪಿಎಲ್‌ಡಿ ಬ್ಯಾಂಕ್ ನಿರ್ದೇಶಕ ಹನುಮಂತು ತಿಳಿಸಿದರು. ಪಟ್ಟಣದ ಪ್ರವಾಸಿ ಮಂದಿರದಲ್ಲಿ ಸುದ್ದಿಗೋಷ್ಠಿಯಲ್ಲಿ ಮಾತನಾಡಿದ ಅವರು, ಅನ್ನದಾನಿ ಅವರು ಶಾಸಕರಾಗಿದ್ದ ಅವಧಿಯಲ್ಲಿ ಕ್ಷೇತ್ರದ ಅಭಿವೃದ್ಧಿಗೆ ಶ್ರಮಿಸಿದ್ದಾರೆ. 2014ರ ಹಿಂದಿನ ಅವಧಿಯಲ್ಲಿ ಕಾಲೇಜು ನಿರ್ಮಾಣಕ್ಕೆ ಮಾಜಿ ಶಾಸಕ ಡಾ. ಕೆ. ಅನ್ನದಾನಿ ಅವರು ಸಾಮಾಜಿಕ ಬದ್ಧತೆಯೊಂದಿಗೆ ಕೆಲಸ ಮಾಡಿದ್ದಾರೆ. ಕೆಲ ಕಿಡಿಗೇಡಿಗಳು ಅವರ ವರ್ಚಸ್ಸಿಗೆ ಧಕ್ಕೆ ತರಲು ಸುಳ್ಳು ಸುದ್ದಿ ಹರಡುತ್ತಿದ್ದಾರೆ. ಈ ಬಗ್ಗೆ ಪೊಲೀಸ್ ಠಾಣೆಗೆ ದೂರು ನೀಡಲಾಗಿದ್ದು, ಕಾನೂನು ಕ್ರಮ ಕೈಗೊಳ್ಳಲಾಗುವುದು ಎಂದರು. ಜೆಡಿಎಸ್ ಕಾರ್ಯಕರ್ತರು ಅನ್ನದಾನಿ ಅವರ ಬೆಂಬಲಕ್ಕೆ ನಿಂತಿದ್ದು, ಸುಳ್ಳು ಆರೋಪ ಮಾಡುವವರ ವಿರುದ್ಧ ಹೋರಾಟ ನಡೆಸಲಾಗುವುದು. ಅನ್ನದಾನಿ ಅವರ ಮೇಲೆ ಆರೋಪ ಮಾಡುತ್ತಿರುವ ವ್ಯಕ್ತಿ ಈ ಹಿಂದೆ ಕಾಂಗ್ರೆಸ್ ಪಕ್ಷದಲ್ಲಿ ಗುರುತಿಸಿಕೊಂಡಿದ್ದು, ರಾಜಕೀಯ ದುರುದ್ದೇಶದಿಂದ ಈ ರೀತಿ ಆರೋಪ ಮಾಡುತ್ತಿದ್ದಾರೆ. 30 ವರ್ಷಗಳ ರಾಜಕೀಯ ಜೀವನದಲ್ಲಿ ಕಪ್ಪು ಚುಕ್ಕೆ ಇಲ್ಲದೆ ರಾಜಕಾರಣ ಮಾಡಿದ್ದಾರೆ ಎಂದರು. ಗೋಷ್ಠಿಯಲ್ಲಿ ಜೆಡಿಎಸ್ ಮುಖಂಡರಾದ ಸಿದ್ದರಾಜು, ನಾರಾಯಣ್, ಚೇತನ್, ಸಿದ್ದೇಗೌಡ ಇದ್ದರು.
